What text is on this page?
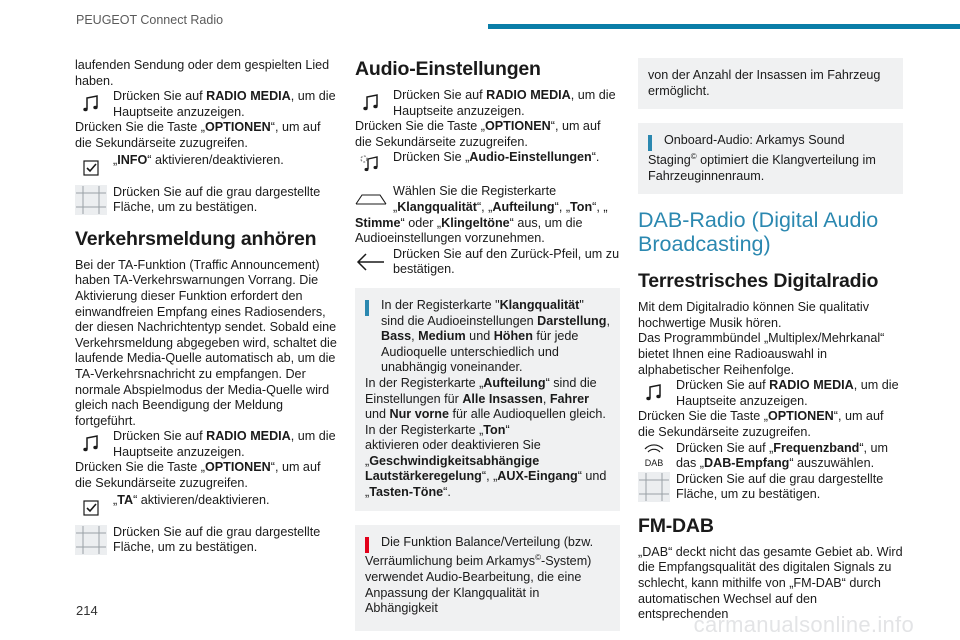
PEUGEOT Connect Radio

laufenden Sendung oder dem gespielten Lied haben.

Drücken Sie auf RADIO MEDIA, um die Hauptseite anzuzeigen.

Drücken Sie die Taste „OPTIONEN“, um auf die Sekundärseite zuzugreifen.

„INFO“ aktivieren/deaktivieren.
Drücken Sie auf die grau dargestellte Fläche, um zu bestätigen.
Verkehrsmeldung anhören

Bei der TA-Funktion (Traffic Announcement) haben TA-Verkehrswarnungen Vorrang. Die Aktivierung dieser Funktion erfordert den einwandfreien Empfang eines Radiosenders, der diesen Nachrichtentyp sendet. Sobald eine Verkehrsmeldung abgegeben wird, schaltet die laufende Media-Quelle automatisch ab, um die TA-Verkehrsnachricht zu empfangen. Der normale Abspielmodus der Media-Quelle wird gleich nach Beendigung der Meldung fortgeführt.

Drücken Sie auf RADIO MEDIA, um die Hauptseite anzuzeigen.

Drücken Sie die Taste „OPTIONEN“, um auf die Sekundärseite zuzugreifen.

„TA“ aktivieren/deaktivieren.
Drücken Sie auf die grau dargestellte Fläche, um zu bestätigen.
Audio-Einstellungen
Drücken Sie auf RADIO MEDIA, um die Hauptseite anzuzeigen.

Drücken Sie die Taste „OPTIONEN“, um auf die Sekundärseite zuzugreifen.

Drücken Sie „Audio-Einstellungen“.
Wählen Sie die Registerkarte „Klangqualität“, „Aufteilung“, „Ton“, „

Stimme“ oder „Klingeltöne“ aus, um die Audioeinstellungen vorzunehmen.

Drücken Sie auf den Zurück-Pfeil, um zu bestätigen.

In der Registerkarte "Klangqualität" sind die Audioeinstellungen Darstellung, Bass, Medium und Höhen für jede Audioquelle unterschiedlich und unabhängig voneinander.

In der Registerkarte „Aufteilung“ sind die Einstellungen für Alle Insassen, Fahrer und Nur vorne für alle Audioquellen gleich.

In der Registerkarte „Ton“

aktivieren oder deaktivieren Sie „Geschwindigkeitsabhängige Lautstärkeregelung“, „AUX-Eingang“ und „Tasten-Töne“.

Die Funktion Balance/Verteilung (bzw. Verräumlichung beim Arkamys©-System) verwendet Audio-Bearbeitung, die eine Anpassung der Klangqualität in Abhängigkeit

von der Anzahl der Insassen im Fahrzeug ermöglicht.

Onboard-Audio: Arkamys Sound Staging© optimiert die Klangverteilung im Fahrzeuginnenraum.

DAB-Radio (Digital Audio Broadcasting)
Terrestrisches Digitalradio

Mit dem Digitalradio können Sie qualitativ hochwertige Musik hören.

Das Programmbündel „Multiplex/Mehrkanal“ bietet Ihnen eine Radioauswahl in alphabetischer Reihenfolge.

Drücken Sie auf RADIO MEDIA, um die Hauptseite anzuzeigen.

Drücken Sie die Taste „OPTIONEN“, um auf die Sekundärseite zuzugreifen.

DAB
Drücken Sie auf „Frequenzband“, um das „DAB-Empfang“ auszuwählen.
Drücken Sie auf die grau dargestellte Fläche, um zu bestätigen.
FM-DAB

„DAB“ deckt nicht das gesamte Gebiet ab. Wird die Empfangsqualität des digitalen Signals zu schlecht, kann mithilfe von „FM-DAB“ durch automatischen Wechsel auf den entsprechenden

214
carmanualsonline.info
